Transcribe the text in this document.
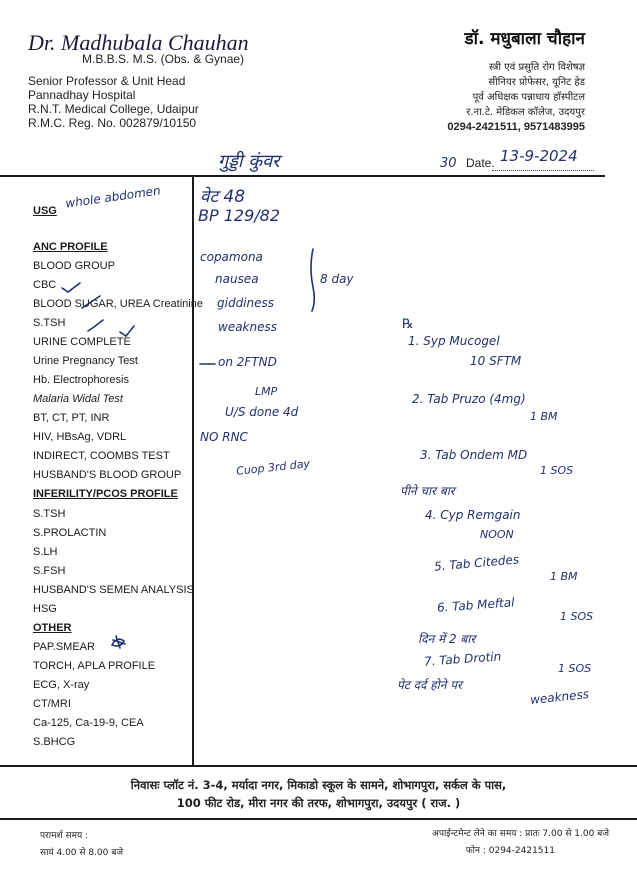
Dr. Madhubala Chauhan
M.B.B.S. M.S. (Obs. & Gynae)
Senior Professor & Unit Head
Pannadhay Hospital
R.N.T. Medical College, Udaipur
R.M.C. Reg. No. 002879/10150
डॉ. मधुबाला चौहान
स्त्री एवं प्रसुति रोग विशेषज्ञ
सीनियर प्रोफेसर, यूनिट हेड
पूर्व अधिक्षक पन्नाधाय हॉस्पीटल
र.ना.टे. मेडिकल कॉलेज, उदयपुर
0294-2421511, 9571483995
गुड्डी कुंवर	30 Date. 13-9-2024
USG
whole abdomen
ANC PROFILE
BLOOD GROUP
CBC
BLOOD SUGAR, UREA Creatinine
S.TSH
URINE COMPLETE
Urine Pregnancy Test
Hb. Electrophoresis
Malaria Widal Test
BT, CT, PT, INR
HIV, HBsAg, VDRL
INDIRECT, COOMBS TEST
HUSBAND'S BLOOD GROUP
INFERILITY/PCOS PROFILE
S.TSH
S.PROLACTIN
S.LH
S.FSH
HUSBAND'S SEMEN ANALYSIS
HSG
OTHER
PAP.SMEAR
TORCH, APLA PROFILE
ECG, X-ray
CT/MRI
Ca-125, Ca-19-9, CEA
S.BHCG
वेट 48
BP 129/82
copamona
nausea
giddiness
weakness
8 day
on 2FTND
LMP
U/S done 4d
NO RNC
Cuop 3rd day
℞
1. Syp Mucogel
10 SFTM
2. Tab Pruzo (4mg)
1 BM
3. Tab Ondem MD
1 SOS
पीने चार बार
4. Cyp Remgain
NOON
5. Tab Citedes
1 BM
6. Tab Meftal
1 SOS
दिन में 2 बार
7. Tab Drotin	1 SOS
पेट दर्द होने पर
weakness
निवासः प्लॉट नं. 3-4, मर्यादा नगर, मिकाडो स्कूल के सामने, शोभागपुरा, सर्कल के पास,
100 फीट रोड, मीरा नगर की तरफ, शोभागपुरा, उदयपुर ( राज. )
परामर्श समय :
सायं 4.00 से 8.00 बजे
अपाईन्टमेन्ट लेने का समय : प्रातः 7.00 से 1.00 बजे
फोन : 0294-2421511
